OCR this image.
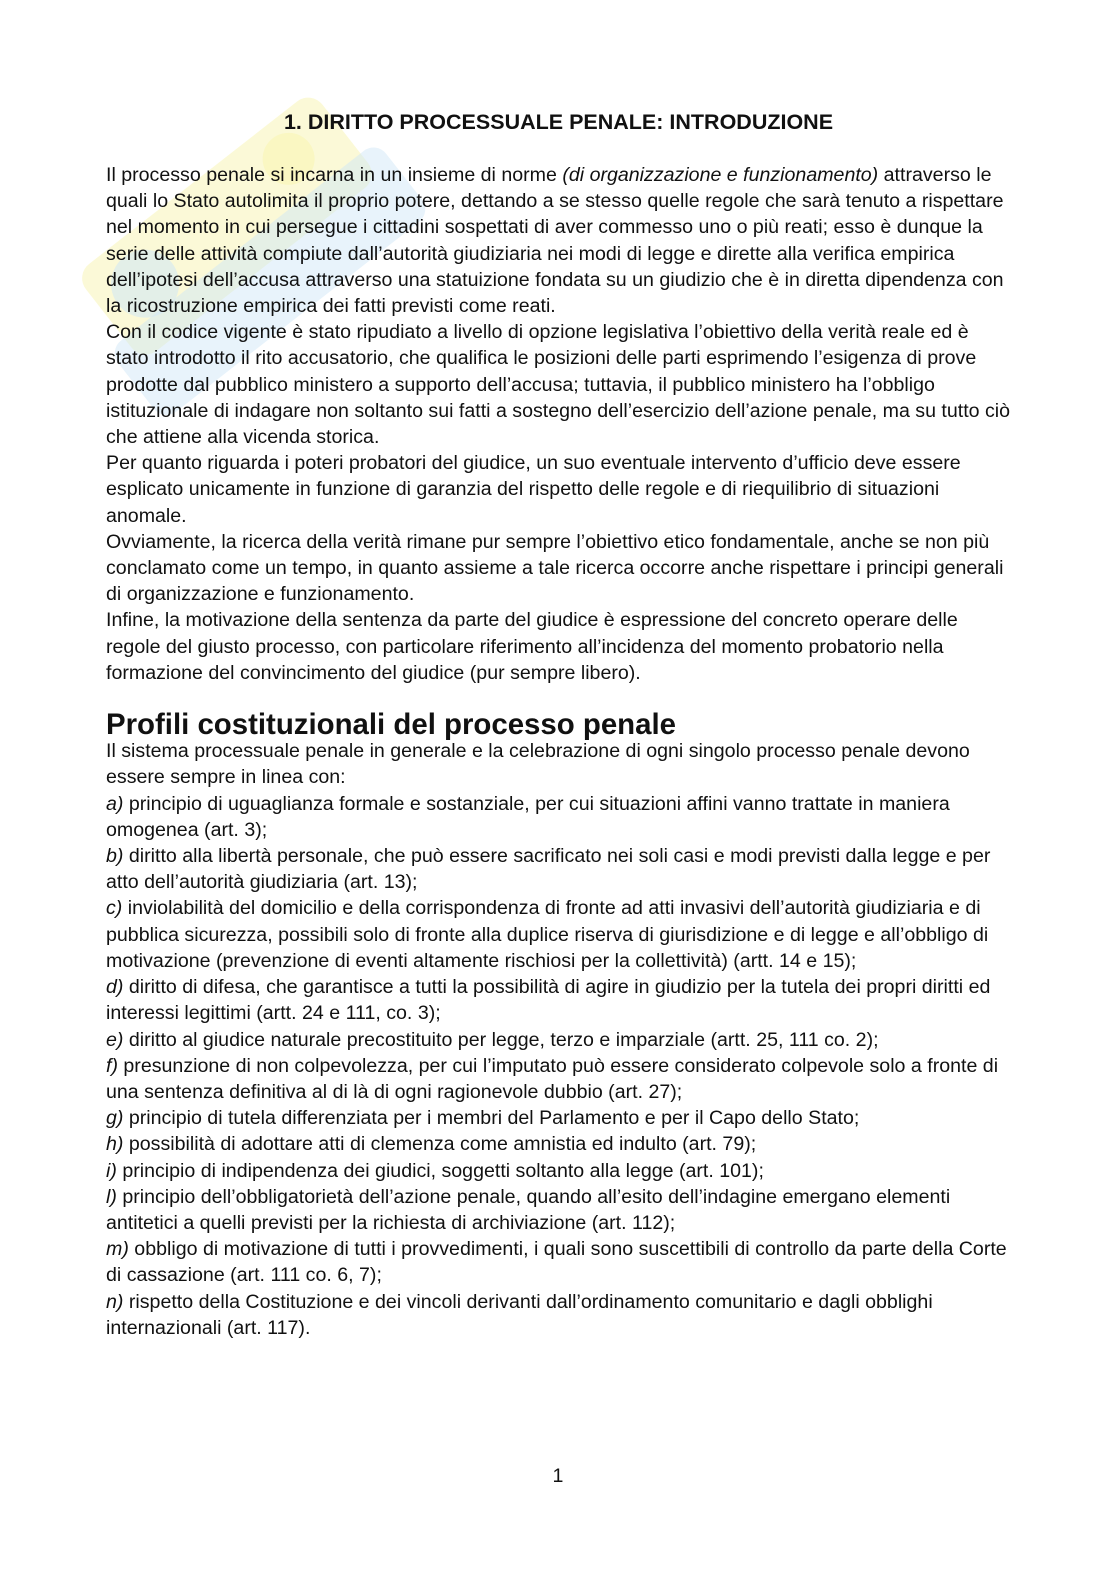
1. DIRITTO PROCESSUALE PENALE: INTRODUZIONE

Il processo penale si incarna in un insieme di norme (di organizzazione e funzionamento) attraverso le quali lo Stato autolimita il proprio potere, dettando a se stesso quelle regole che sarà tenuto a rispettare nel momento in cui persegue i cittadini sospettati di aver commesso uno o più reati; esso è dunque la serie delle attività compiute dall’autorità giudiziaria nei modi di legge e dirette alla verifica empirica dell’ipotesi dell’accusa attraverso una statuizione fondata su un giudizio che è in diretta dipendenza con la ricostruzione empirica dei fatti previsti come reati.

Con il codice vigente è stato ripudiato a livello di opzione legislativa l’obiettivo della verità reale ed è stato introdotto il rito accusatorio, che qualifica le posizioni delle parti esprimendo l’esigenza di prove prodotte dal pubblico ministero a supporto dell’accusa; tuttavia, il pubblico ministero ha l’obbligo istituzionale di indagare non soltanto sui fatti a sostegno dell’esercizio dell’azione penale, ma su tutto ciò che attiene alla vicenda storica.

Per quanto riguarda i poteri probatori del giudice, un suo eventuale intervento d’ufficio deve essere esplicato unicamente in funzione di garanzia del rispetto delle regole e di riequilibrio di situazioni anomale.

Ovviamente, la ricerca della verità rimane pur sempre l’obiettivo etico fondamentale, anche se non più conclamato come un tempo, in quanto assieme a tale ricerca occorre anche rispettare i principi generali di organizzazione e funzionamento.

Infine, la motivazione della sentenza da parte del giudice è espressione del concreto operare delle regole del giusto processo, con particolare riferimento all’incidenza del momento probatorio nella formazione del convincimento del giudice (pur sempre libero).

Profili costituzionali del processo penale

Il sistema processuale penale in generale e la celebrazione di ogni singolo processo penale devono essere sempre in linea con:

a) principio di uguaglianza formale e sostanziale, per cui situazioni affini vanno trattate in maniera omogenea (art. 3);

b) diritto alla libertà personale, che può essere sacrificato nei soli casi e modi previsti dalla legge e per atto dell’autorità giudiziaria (art. 13);

c) inviolabilità del domicilio e della corrispondenza di fronte ad atti invasivi dell’autorità giudiziaria e di pubblica sicurezza, possibili solo di fronte alla duplice riserva di giurisdizione e di legge e all’obbligo di motivazione (prevenzione di eventi altamente rischiosi per la collettività) (artt. 14 e 15);

d) diritto di difesa, che garantisce a tutti la possibilità di agire in giudizio per la tutela dei propri diritti ed interessi legittimi (artt. 24 e 111, co. 3);

e) diritto al giudice naturale precostituito per legge, terzo e imparziale (artt. 25, 111 co. 2);

f) presunzione di non colpevolezza, per cui l’imputato può essere considerato colpevole solo a fronte di una sentenza definitiva al di là di ogni ragionevole dubbio (art. 27);

g) principio di tutela differenziata per i membri del Parlamento e per il Capo dello Stato;

h) possibilità di adottare atti di clemenza come amnistia ed indulto (art. 79);

i) principio di indipendenza dei giudici, soggetti soltanto alla legge (art. 101);

l) principio dell’obbligatorietà dell’azione penale, quando all’esito dell’indagine emergano elementi antitetici a quelli previsti per la richiesta di archiviazione (art. 112);

m) obbligo di motivazione di tutti i provvedimenti, i quali sono suscettibili di controllo da parte della Corte di cassazione (art. 111 co. 6, 7);

n) rispetto della Costituzione e dei vincoli derivanti dall’ordinamento comunitario e dagli obblighi internazionali (art. 117).

1
